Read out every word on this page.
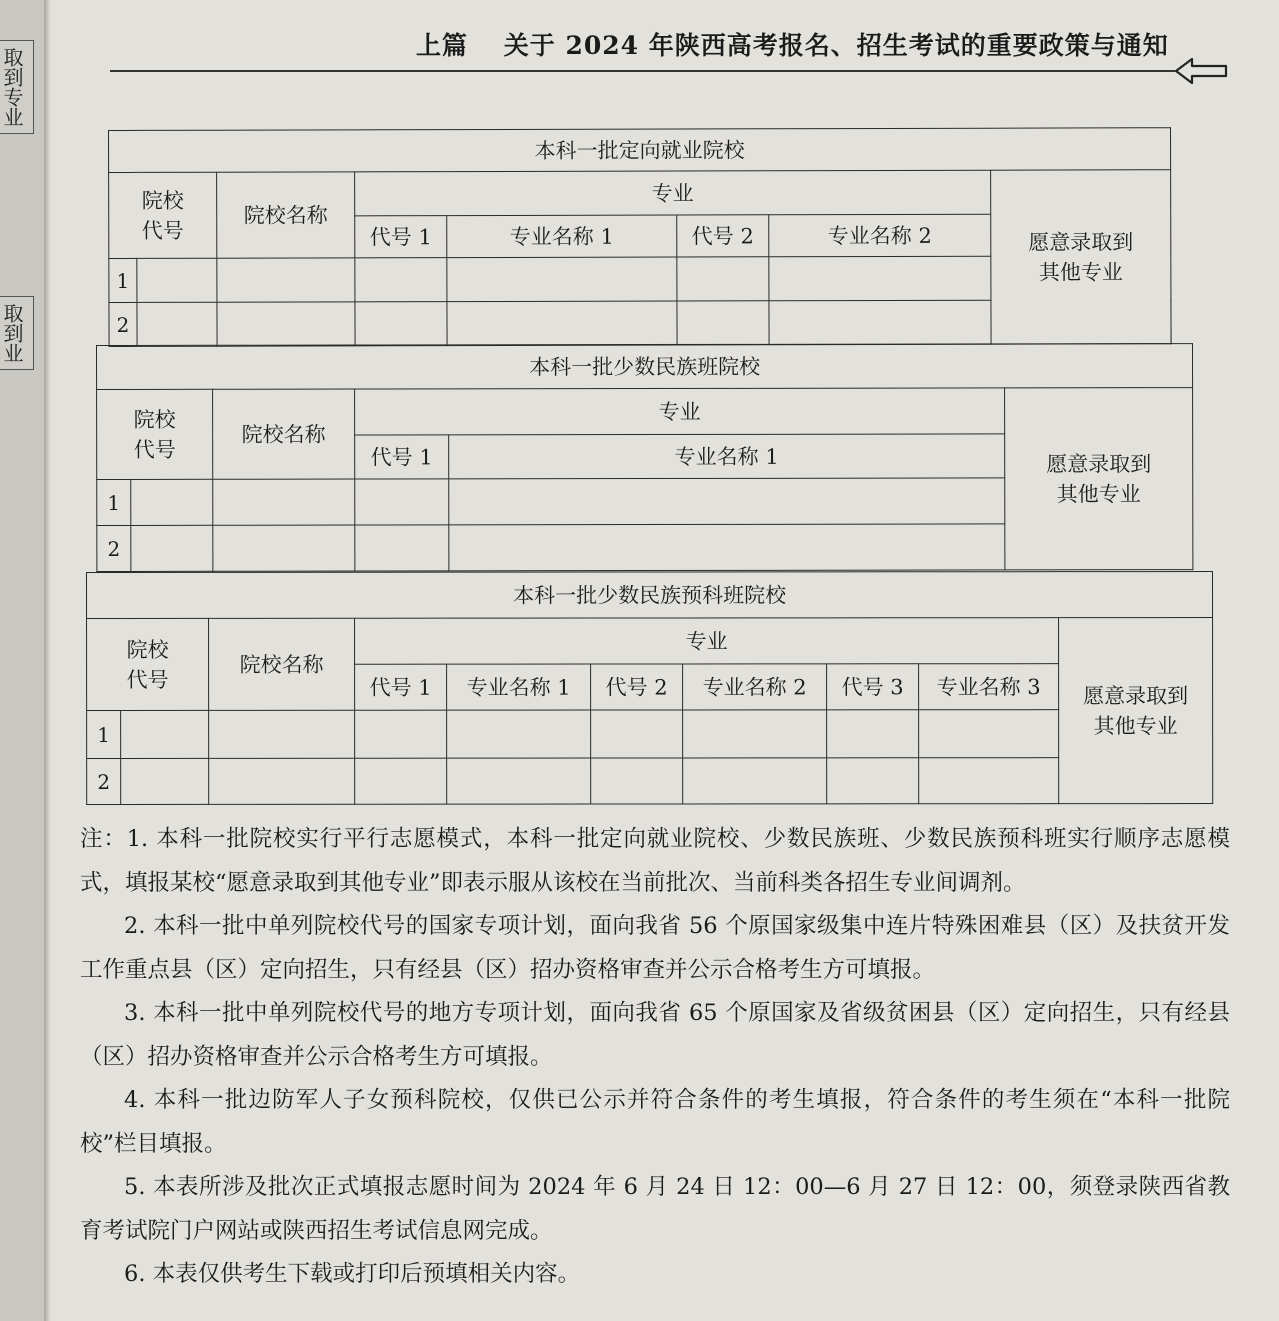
取到专业
取到业
上篇 关于 2024 年陕西高考报名、招生考试的重要政策与通知
本科一批定向就业院校								
院校代号		院校名称	专业				愿意录取到其他专业	
			代号 1	专业名称 1	代号 2	专业名称 2		
1								
2								
本科一批少数民族班院校					
院校代号		院校名称	专业		愿意录取到其他专业
			代号 1	专业名称 1	
1					
2					
本科一批少数民族预科班院校									
院校代号		院校名称	专业						愿意录取到其他专业
			代号 1	专业名称 1	代号 2	专业名称 2	代号 3	专业名称 3	
1									
2									

注：1. 本科一批院校实行平行志愿模式，本科一批定向就业院校、少数民族班、少数民族预科班实行顺序志愿模式，填报某校“愿意录取到其他专业”即表示服从该校在当前批次、当前科类各招生专业间调剂。

2. 本科一批中单列院校代号的国家专项计划，面向我省 56 个原国家级集中连片特殊困难县（区）及扶贫开发工作重点县（区）定向招生，只有经县（区）招办资格审查并公示合格考生方可填报。

3. 本科一批中单列院校代号的地方专项计划，面向我省 65 个原国家及省级贫困县（区）定向招生，只有经县（区）招办资格审查并公示合格考生方可填报。

4. 本科一批边防军人子女预科院校，仅供已公示并符合条件的考生填报，符合条件的考生须在“本科一批院校”栏目填报。

5. 本表所涉及批次正式填报志愿时间为 2024 年 6 月 24 日 12：00—6 月 27 日 12：00，须登录陕西省教育考试院门户网站或陕西招生考试信息网完成。

6. 本表仅供考生下载或打印后预填相关内容。
